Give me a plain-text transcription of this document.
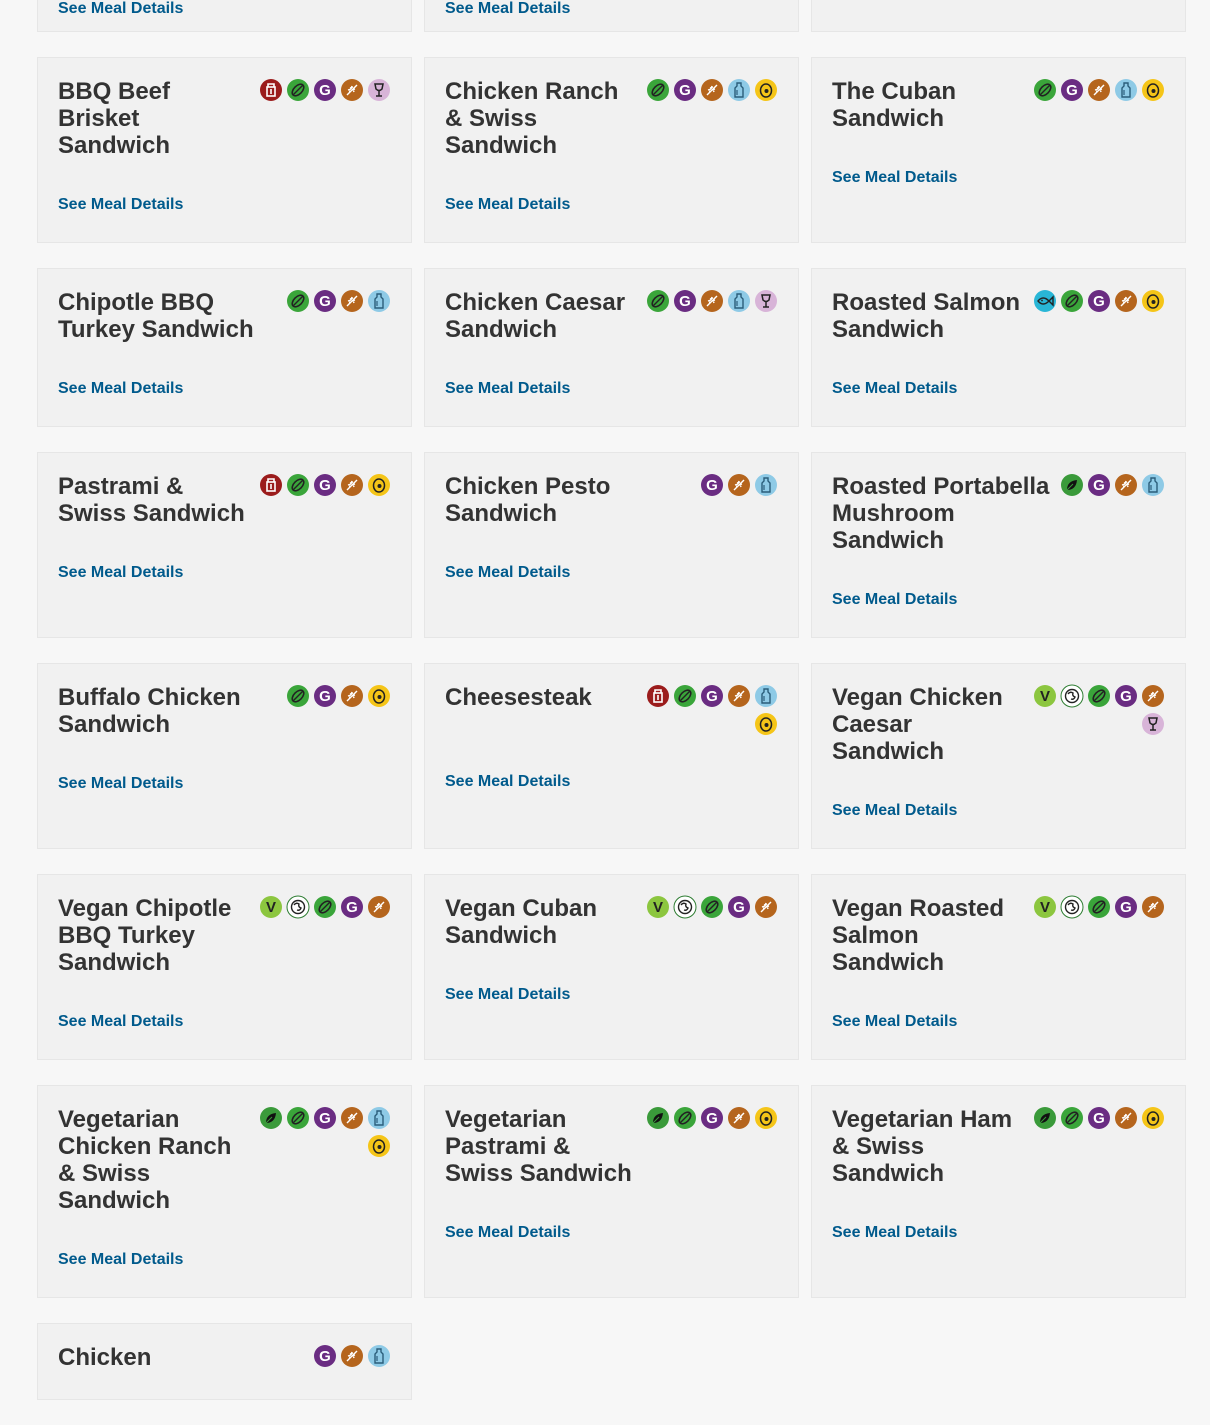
See Meal Details	See Meal Details
BBQ Beef Brisket Sandwich
G
See Meal Details
Chicken Ranch & Swiss Sandwich
G
See Meal Details
The Cuban Sandwich
G
See Meal Details
Chipotle BBQ Turkey Sandwich
G
See Meal Details
Chicken Caesar Sandwich
G
See Meal Details
Roasted Salmon Sandwich
G
See Meal Details
Pastrami & Swiss Sandwich
G
See Meal Details
Chicken Pesto Sandwich
G
See Meal Details
Roasted Portabella Mushroom Sandwich
G
See Meal Details
Buffalo Chicken Sandwich
G
See Meal Details
Cheesesteak	G
See Meal Details
Vegan Chicken Caesar Sandwich
V	G
See Meal Details
Vegan Chipotle BBQ Turkey Sandwich
V	G
See Meal Details
Vegan Cuban Sandwich
V	G
See Meal Details
Vegan Roasted Salmon Sandwich
V	G
See Meal Details
Vegetarian Chicken Ranch & Swiss Sandwich
G
See Meal Details
Vegetarian Pastrami & Swiss Sandwich
G
See Meal Details
Vegetarian Ham & Swiss Sandwich
G
See Meal Details
Chicken	G
